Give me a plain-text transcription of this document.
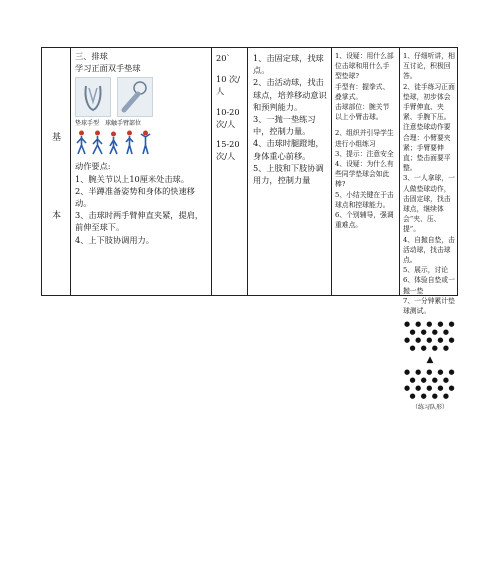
基
本

三、排球

学习正面双手垫球

垫球手型 球触手臂部位

动作要点:

1、腕关节以上10厘米处击球。

2、半蹲准备姿势和身体的快速移动。

3、击球时两手臂伸直夹紧，提肩，前伸至球下。

4、上下肢协调用力。

20`

10 次/人

10-20次/人

15-20次/人

1、击固定球，找球点。

2、击活动球，找击球点，培养移动意识和预判能力。

3、一抛一垫练习中，控制力量。

4、击球时腿蹬地，身体重心前移。

5、上肢和下肢协调用力，控制力量

1、设疑：用什么部位击球和用什么手型垫球?

手型有：握拳式、叠掌式。

击球部位：腕关节以上小臂击球。

2、组织并引导学生进行小组练习

3、提示：注意安全

4、设疑：为什么有些同学垫球会如此棒?

5、小结关键在于击球点和控球能力。

6、个别辅导，强调重难点。

1、仔细听讲，相互讨论，积极回答。

2、徒手练习正面垫球，初步体会手臂伸直、夹紧、手腕下压。注意垫球动作要合理：小臂要夹紧；手臂要伸直；垫击面要平整。

3、一人拿球，一人做垫球动作，击固定球，找击球点，继续体会“夹、压、提”。

4、自抛自垫，击活动球，找击球点。

5、展示，讨论

6、体验自垫或一抛一垫

7、一分钟累计垫球测试。

● ● ● ● ● ● ● ● ●

● ● ● ● ● ● ● ● ●

▲

● ● ● ● ● ● ● ● ●

● ● ● ● ● ● ● ● ●

（练习队形）
